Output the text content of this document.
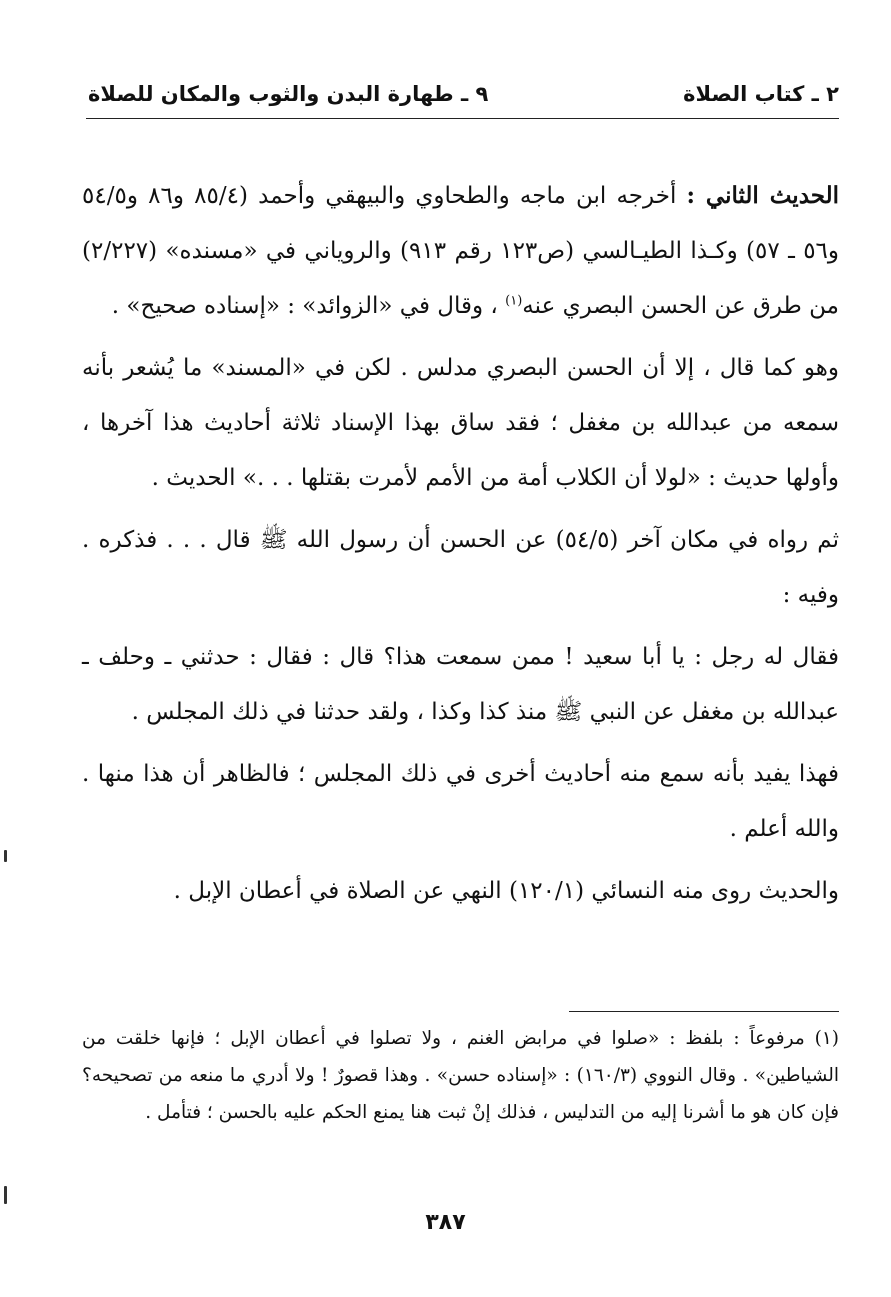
٢ ـ كتاب الصلاة
٩ ـ طهارة البدن والثوب والمكان للصلاة

الحديث الثاني : أخرجه ابن ماجه والطحاوي والبيهقي وأحمد (٨٥/٤ و٨٦ و٥٤/٥ و٥٦ ـ ٥٧) وكـذا الطيـالسي (ص١٢٣ رقم ٩١٣) والروياني في «مسنده» (٢/٢٢٧) من طرق عن الحسن البصري عنه$^{(١)}$ ، وقال في «الزوائد» : «إسناده صحيح» .

وهو كما قال ، إلا أن الحسن البصري مدلس . لكن في «المسند» ما يُشعر بأنه سمعه من عبدالله بن مغفل ؛ فقد ساق بهذا الإسناد ثلاثة أحاديث هذا آخرها ، وأولها حديث : «لولا أن الكلاب أمة من الأمم لأمرت بقتلها . . .» الحديث .

ثم رواه في مكان آخر (٥٤/٥) عن الحسن أن رسول الله ﷺ قال . . . فذكره . وفيه :

فقال له رجل : يا أبا سعيد ! ممن سمعت هذا؟ قال : فقال : حدثني ـ وحلف ـ عبدالله بن مغفل عن النبي ﷺ منذ كذا وكذا ، ولقد حدثنا في ذلك المجلس .

فهذا يفيد بأنه سمع منه أحاديث أخرى في ذلك المجلس ؛ فالظاهر أن هذا منها . والله أعلم .

والحديث روى منه النسائي (١٢٠/١) النهي عن الصلاة في أعطان الإبل .

(١) مرفوعاً : بلفظ : «صلوا في مرابض الغنم ، ولا تصلوا في أعطان الإبل ؛ فإنها خلقت من الشياطين» . وقال النووي (١٦٠/٣) : «إسناده حسن» . وهذا قصورٌ ! ولا أدري ما منعه من تصحيحه؟ فإن كان هو ما أشرنا إليه من التدليس ، فذلك إنْ ثبت هنا يمنع الحكم عليه بالحسن ؛ فتأمل .

٣٨٧
